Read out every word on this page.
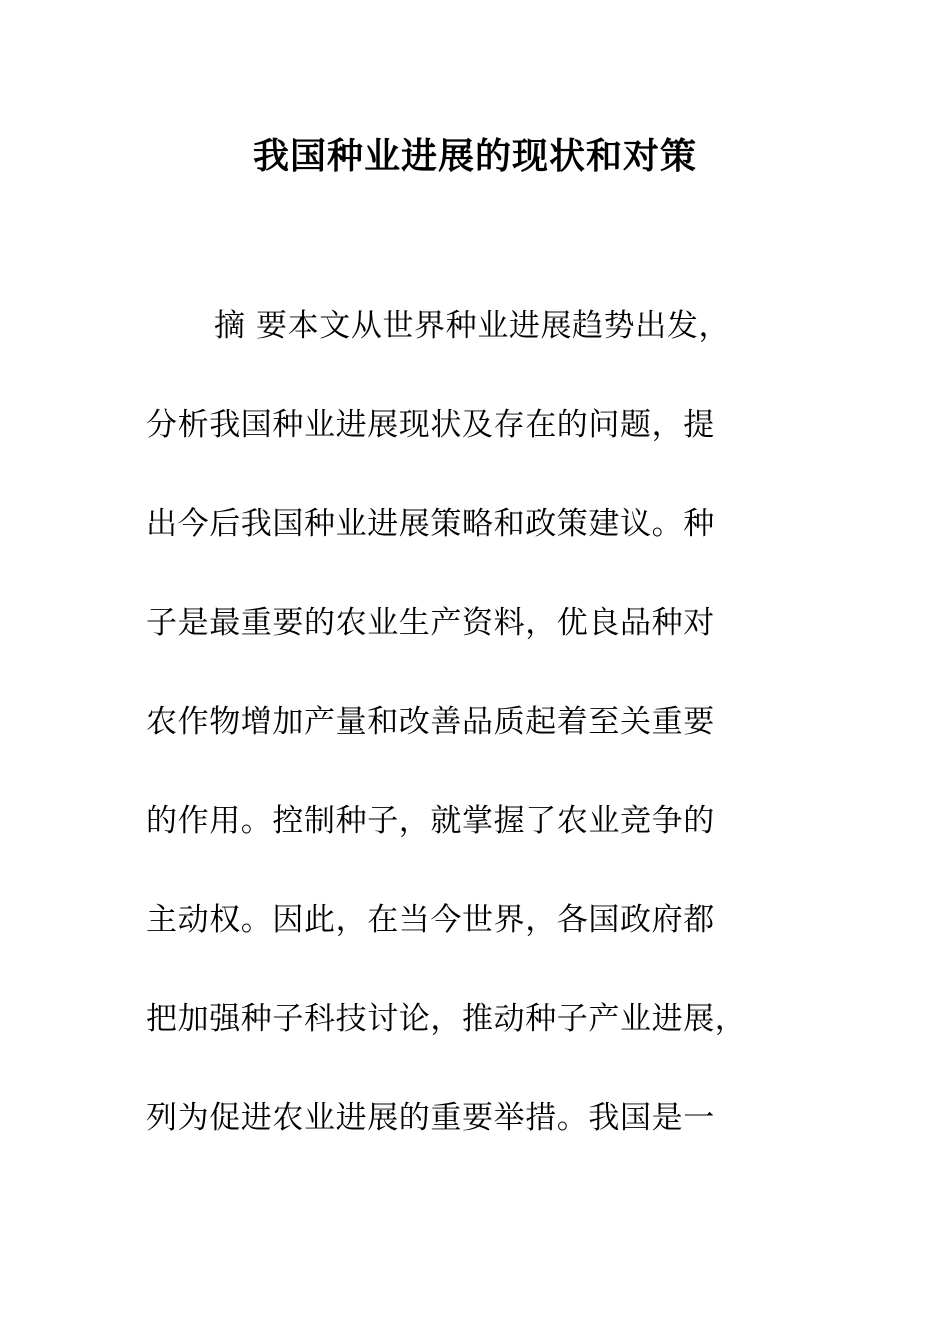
我国种业进展的现状和对策
摘 要本文从世界种业进展趋势出发，
分析我国种业进展现状及存在的问题，提
出今后我国种业进展策略和政策建议。种
子是最重要的农业生产资料，优良品种对
农作物增加产量和改善品质起着至关重要
的作用。控制种子，就掌握了农业竞争的
主动权。因此，在当今世界，各国政府都
把加强种子科技讨论，推动种子产业进展，
列为促进农业进展的重要举措。我国是一
